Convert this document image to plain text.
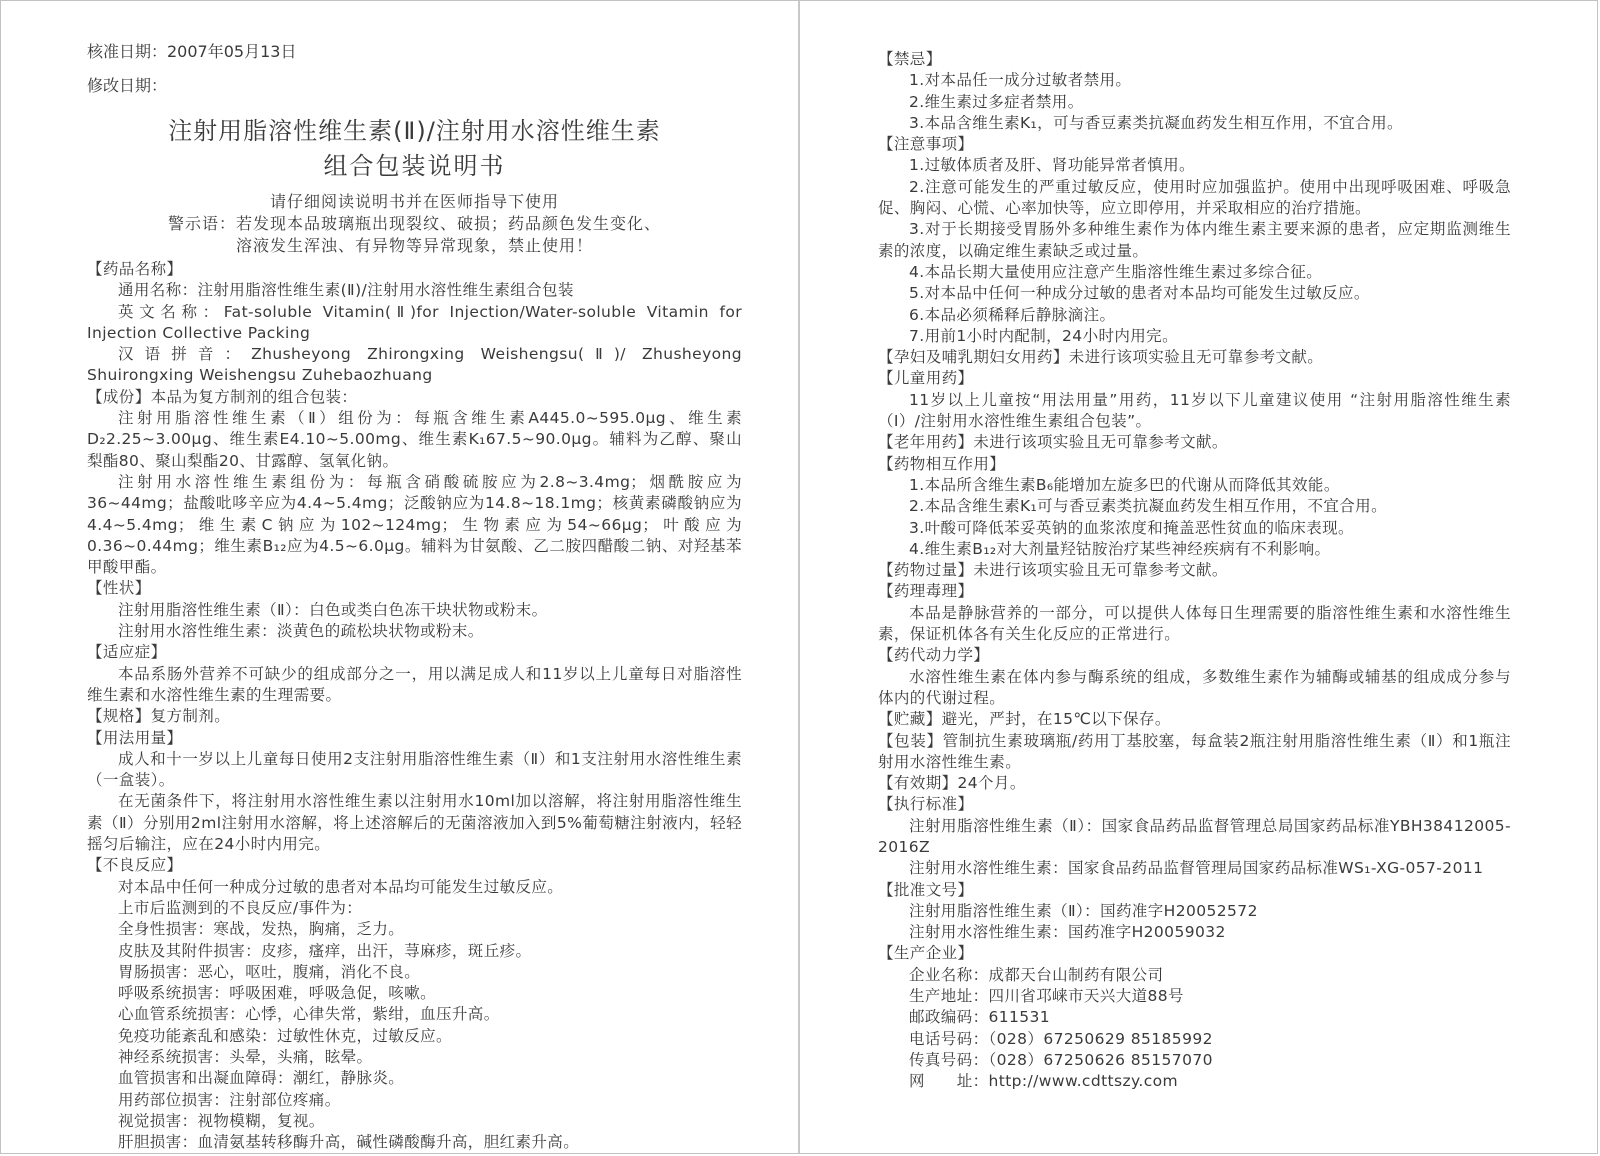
核准日期：2007年05月13日

修改日期：

注射用脂溶性维生素(Ⅱ)/注射用水溶性维生素
组合包装说明书

请仔细阅读说明书并在医师指导下使用

警示语：若发现本品玻璃瓶出现裂纹、破损；药品颜色发生变化、

溶液发生浑浊、有异物等异常现象，禁止使用！

【药品名称】

通用名称：注射用脂溶性维生素(Ⅱ)/注射用水溶性维生素组合包装

英文名称：Fat-soluble Vitamin(Ⅱ)for Injection/Water-soluble Vitamin for Injection Collective Packing

汉语拼音：Zhusheyong Zhirongxing Weishengsu(Ⅱ)/ Zhusheyong Shuirongxing Weishengsu Zuhebaozhuang

【成份】本品为复方制剂的组合包装：

注射用脂溶性维生素（Ⅱ）组份为：每瓶含维生素A445.0~595.0μg、维生素D₂2.25~3.00μg、维生素E4.10~5.00mg、维生素K₁67.5~90.0μg。辅料为乙醇、聚山梨酯80、聚山梨酯20、甘露醇、氢氧化钠。

注射用水溶性维生素组份为：每瓶含硝酸硫胺应为2.8~3.4mg；烟酰胺应为36~44mg；盐酸吡哆辛应为4.4~5.4mg；泛酸钠应为14.8~18.1mg；核黄素磷酸钠应为4.4~5.4mg；维生素C钠应为102~124mg；生物素应为54~66μg；叶酸应为0.36~0.44mg；维生素B₁₂应为4.5~6.0μg。辅料为甘氨酸、乙二胺四醋酸二钠、对羟基苯甲酸甲酯。

【性状】

注射用脂溶性维生素（Ⅱ）：白色或类白色冻干块状物或粉末。

注射用水溶性维生素：淡黄色的疏松块状物或粉末。

【适应症】

本品系肠外营养不可缺少的组成部分之一，用以满足成人和11岁以上儿童每日对脂溶性维生素和水溶性维生素的生理需要。

【规格】复方制剂。

【用法用量】

成人和十一岁以上儿童每日使用2支注射用脂溶性维生素（Ⅱ）和1支注射用水溶性维生素（一盒装）。

在无菌条件下，将注射用水溶性维生素以注射用水10ml加以溶解，将注射用脂溶性维生素（Ⅱ）分别用2ml注射用水溶解，将上述溶解后的无菌溶液加入到5%葡萄糖注射液内，轻轻摇匀后输注，应在24小时内用完。

【不良反应】

对本品中任何一种成分过敏的患者对本品均可能发生过敏反应。

上市后监测到的不良反应/事件为：

全身性损害：寒战，发热，胸痛，乏力。

皮肤及其附件损害：皮疹，瘙痒，出汗，荨麻疹，斑丘疹。

胃肠损害：恶心，呕吐，腹痛，消化不良。

呼吸系统损害：呼吸困难，呼吸急促，咳嗽。

心血管系统损害：心悸，心律失常，紫绀，血压升高。

免疫功能紊乱和感染：过敏性休克，过敏反应。

神经系统损害：头晕，头痛，眩晕。

血管损害和出凝血障碍：潮红，静脉炎。

用药部位损害：注射部位疼痛。

视觉损害：视物模糊，复视。

肝胆损害：血清氨基转移酶升高，碱性磷酸酶升高，胆红素升高。

【禁忌】

1.对本品任一成分过敏者禁用。

2.维生素过多症者禁用。

3.本品含维生素K₁，可与香豆素类抗凝血药发生相互作用，不宜合用。

【注意事项】

1.过敏体质者及肝、肾功能异常者慎用。

2.注意可能发生的严重过敏反应，使用时应加强监护。使用中出现呼吸困难、呼吸急促、胸闷、心慌、心率加快等，应立即停用，并采取相应的治疗措施。

3.对于长期接受胃肠外多种维生素作为体内维生素主要来源的患者，应定期监测维生素的浓度，以确定维生素缺乏或过量。

4.本品长期大量使用应注意产生脂溶性维生素过多综合征。

5.对本品中任何一种成分过敏的患者对本品均可能发生过敏反应。

6.本品必须稀释后静脉滴注。

7.用前1小时内配制，24小时内用完。

【孕妇及哺乳期妇女用药】未进行该项实验且无可靠参考文献。

【儿童用药】

11岁以上儿童按“用法用量”用药，11岁以下儿童建议使用 “注射用脂溶性维生素（Ⅰ）/注射用水溶性维生素组合包装”。

【老年用药】未进行该项实验且无可靠参考文献。

【药物相互作用】

1.本品所含维生素B₆能增加左旋多巴的代谢从而降低其效能。

2.本品含维生素K₁可与香豆素类抗凝血药发生相互作用，不宜合用。

3.叶酸可降低苯妥英钠的血浆浓度和掩盖恶性贫血的临床表现。

4.维生素B₁₂对大剂量羟钴胺治疗某些神经疾病有不利影响。

【药物过量】未进行该项实验且无可靠参考文献。

【药理毒理】

本品是静脉营养的一部分，可以提供人体每日生理需要的脂溶性维生素和水溶性维生素，保证机体各有关生化反应的正常进行。

【药代动力学】

水溶性维生素在体内参与酶系统的组成，多数维生素作为辅酶或辅基的组成成分参与体内的代谢过程。

【贮藏】避光，严封，在15℃以下保存。

【包装】管制抗生素玻璃瓶/药用丁基胶塞，每盒装2瓶注射用脂溶性维生素（Ⅱ）和1瓶注射用水溶性维生素。

【有效期】24个月。

【执行标准】

注射用脂溶性维生素（Ⅱ）：国家食品药品监督管理总局国家药品标准YBH38412005-2016Z

注射用水溶性维生素：国家食品药品监督管理局国家药品标准WS₁-XG-057-2011

【批准文号】

注射用脂溶性维生素（Ⅱ）：国药准字H20052572

注射用水溶性维生素：国药准字H20059032

【生产企业】

企业名称：成都天台山制药有限公司

生产地址：四川省邛崃市天兴大道88号

邮政编码：611531

电话号码：（028）67250629 85185992

传真号码：（028）67250626 85157070

网　　址：http://www.cdttszy.com
